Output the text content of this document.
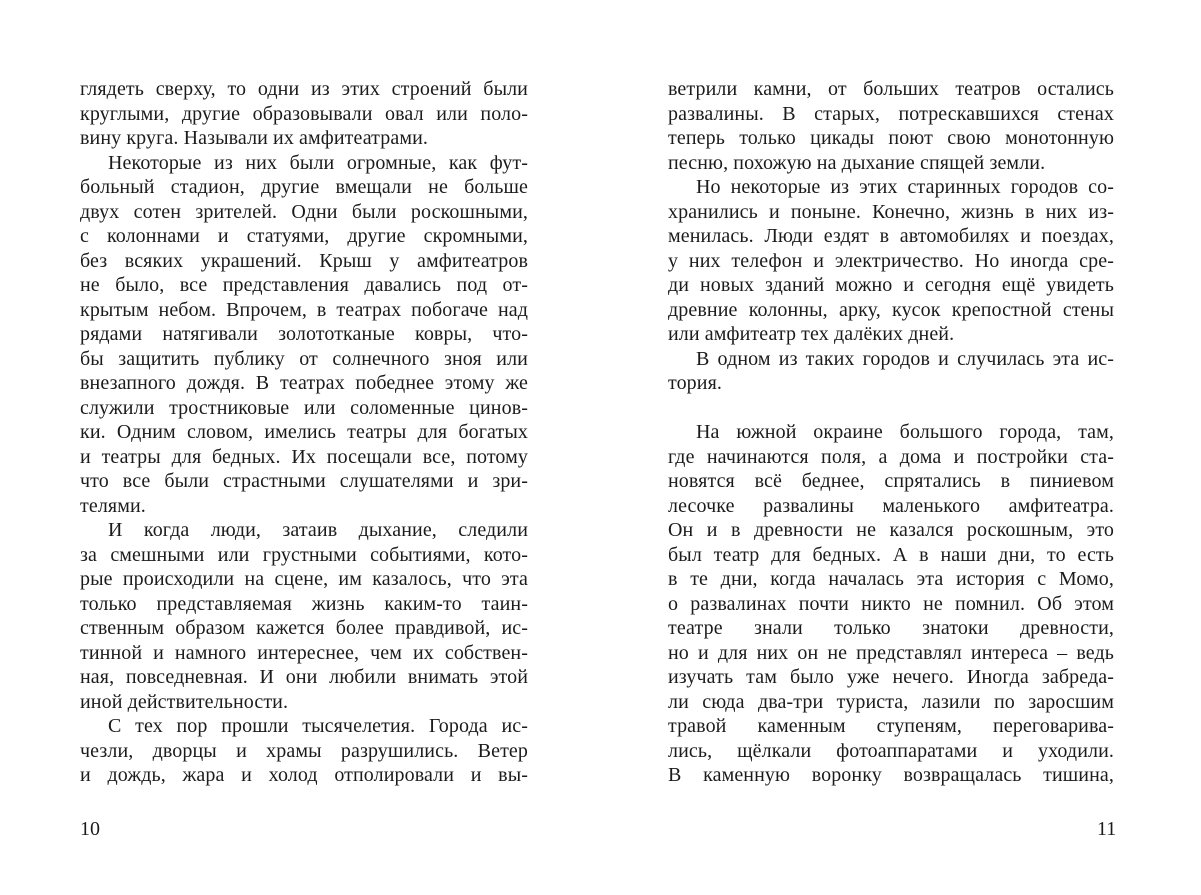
глядеть сверху, то одни из этих строений были
круглыми, другие образовывали овал или поло-
вину круга. Называли их амфитеатрами.
Некоторые из них были огромные, как фут-
больный стадион, другие вмещали не больше
двух сотен зрителей. Одни были роскошными,
с колоннами и статуями, другие скромными,
без всяких украшений. Крыш у амфитеатров
не было, все представления давались под от-
крытым небом. Впрочем, в театрах побогаче над
рядами натягивали золототканые ковры, что-
бы защитить публику от солнечного зноя или
внезапного дождя. В театрах победнее этому же
служили тростниковые или соломенные цинов-
ки. Одним словом, имелись театры для богатых
и театры для бедных. Их посещали все, потому
что все были страстными слушателями и зри-
телями.
И когда люди, затаив дыхание, следили
за смешными или грустными событиями, кото-
рые происходили на сцене, им казалось, что эта
только представляемая жизнь каким-то таин-
ственным образом кажется более правдивой, ис-
тинной и намного интереснее, чем их собствен-
ная, повседневная. И они любили внимать этой
иной действительности.
С тех пор прошли тысячелетия. Города ис-
чезли, дворцы и храмы разрушились. Ветер
и дождь, жара и холод отполировали и вы-
10
ветрили камни, от больших театров остались
развалины. В старых, потрескавшихся стенах
теперь только цикады поют свою монотонную
песню, похожую на дыхание спящей земли.
Но некоторые из этих старинных городов со-
хранились и поныне. Конечно, жизнь в них из-
менилась. Люди ездят в автомобилях и поездах,
у них телефон и электричество. Но иногда сре-
ди новых зданий можно и сегодня ещё увидеть
древние колонны, арку, кусок крепостной стены
или амфитеатр тех далёких дней.
В одном из таких городов и случилась эта ис-
тория.
На южной окраине большого города, там,
где начинаются поля, а дома и постройки ста-
новятся всё беднее, спрятались в пиниевом
лесочке развалины маленького амфитеатра.
Он и в древности не казался роскошным, это
был театр для бедных. А в наши дни, то есть
в те дни, когда началась эта история с Момо,
о развалинах почти никто не помнил. Об этом
театре знали только знатоки древности,
но и для них он не представлял интереса – ведь
изучать там было уже нечего. Иногда забреда-
ли сюда два-три туриста, лазили по заросшим
травой каменным ступеням, переговарива-
лись, щёлкали фотоаппаратами и уходили.
В каменную воронку возвращалась тишина,
11
